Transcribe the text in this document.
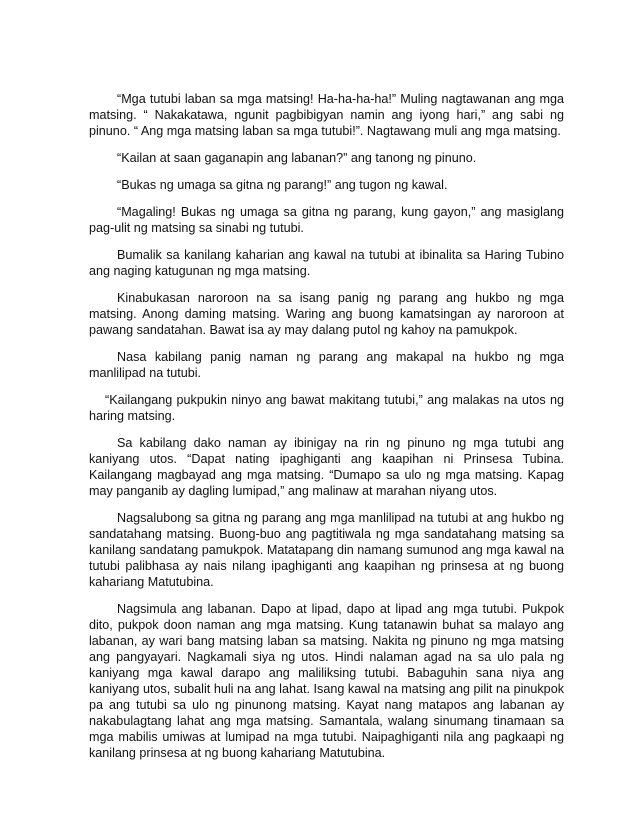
“Mga tutubi laban sa mga matsing! Ha-ha-ha-ha!” Muling nagtawanan ang mga matsing. “ Nakakatawa, ngunit pagbibigyan namin ang iyong hari,” ang sabi ng pinuno. “ Ang mga matsing laban sa mga tutubi!”. Nagtawang muli ang mga matsing.

“Kailan at saan gaganapin ang labanan?” ang tanong ng pinuno.

“Bukas ng umaga sa gitna ng parang!” ang tugon ng kawal.

“Magaling! Bukas ng umaga sa gitna ng parang, kung gayon,” ang masiglang pag-ulit ng matsing sa sinabi ng tutubi.

Bumalik sa kanilang kaharian ang kawal na tutubi at ibinalita sa Haring Tubino ang naging katugunan ng mga matsing.

Kinabukasan naroroon na sa isang panig ng parang ang hukbo ng mga matsing. Anong daming matsing. Waring ang buong kamatsingan ay naroroon at pawang sandatahan. Bawat isa ay may dalang putol ng kahoy na pamukpok.

Nasa kabilang panig naman ng parang ang makapal na hukbo ng mga manlilipad na tutubi.

“Kailangang pukpukin ninyo ang bawat makitang tutubi,” ang malakas na utos ng haring matsing.

Sa kabilang dako naman ay ibinigay na rin ng pinuno ng mga tutubi ang kaniyang utos. “Dapat nating ipaghiganti ang kaapihan ni Prinsesa Tubina. Kailangang magbayad ang mga matsing. “Dumapo sa ulo ng mga matsing. Kapag may panganib ay dagling lumipad,” ang malinaw at marahan niyang utos.

Nagsalubong sa gitna ng parang ang mga manlilipad na tutubi at ang hukbo ng sandatahang matsing. Buong-buo ang pagtitiwala ng mga sandatahang matsing sa kanilang sandatang pamukpok. Matatapang din namang sumunod ang mga kawal na tutubi palibhasa ay nais nilang ipaghiganti ang kaapihan ng prinsesa at ng buong kahariang Matutubina.

Nagsimula ang labanan. Dapo at lipad, dapo at lipad ang mga tutubi. Pukpok dito, pukpok doon naman ang mga matsing. Kung tatanawin buhat sa malayo ang labanan, ay wari bang matsing laban sa matsing. Nakita ng pinuno ng mga matsing ang pangyayari. Nagkamali siya ng utos. Hindi nalaman agad na sa ulo pala ng kaniyang mga kawal darapo ang maliliksing tutubi. Babaguhin sana niya ang kaniyang utos, subalit huli na ang lahat. Isang kawal na matsing ang pilit na pinukpok pa ang tutubi sa ulo ng pinunong matsing. Kayat nang matapos ang labanan ay nakabulagtang lahat ang mga matsing. Samantala, walang sinumang tinamaan sa mga mabilis umiwas at lumipad na mga tutubi. Naipaghiganti nila ang pagkaapi ng kanilang prinsesa at ng buong kahariang Matutubina.
